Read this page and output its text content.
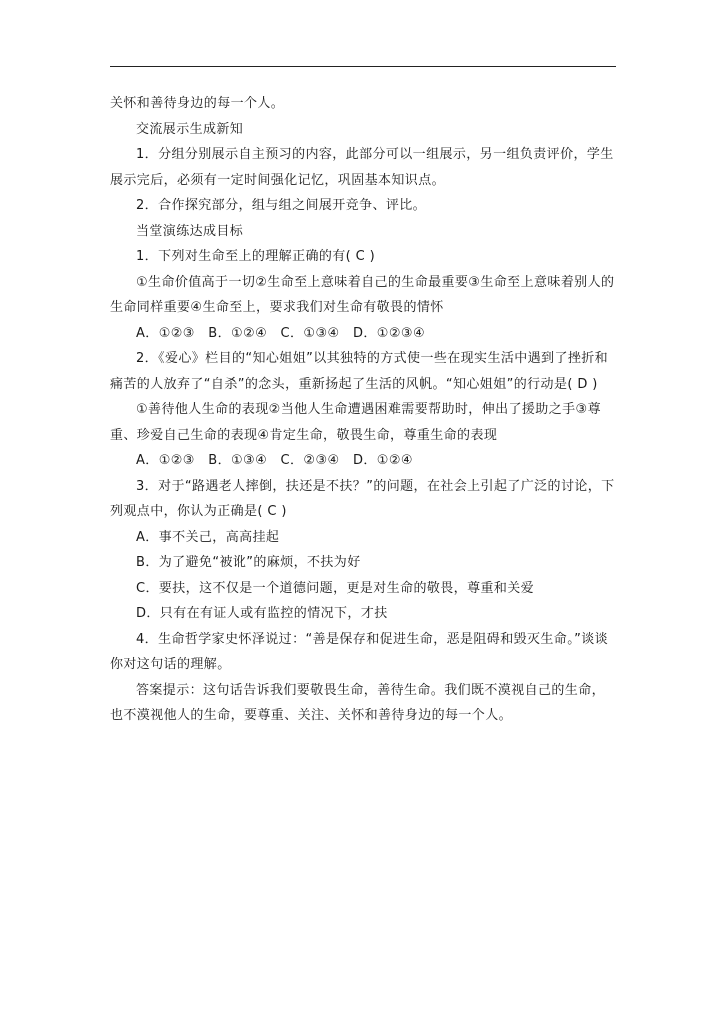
关怀和善待身边的每一个人。

交流展示生成新知

1．分组分别展示自主预习的内容，此部分可以一组展示，另一组负责评价，学生展示完后，必须有一定时间强化记忆，巩固基本知识点。

2．合作探究部分，组与组之间展开竞争、评比。

当堂演练达成目标

1．下列对生命至上的理解正确的有( C )

①生命价值高于一切②生命至上意味着自己的生命最重要③生命至上意味着别人的生命同样重要④生命至上，要求我们对生命有敬畏的情怀

A．①②③　B．①②④　C．①③④　D．①②③④

2．《爱心》栏目的“知心姐姐”以其独特的方式使一些在现实生活中遇到了挫折和痛苦的人放弃了“自杀”的念头，重新扬起了生活的风帆。“知心姐姐”的行动是( D )

①善待他人生命的表现②当他人生命遭遇困难需要帮助时，伸出了援助之手③尊重、珍爱自己生命的表现④肯定生命，敬畏生命，尊重生命的表现

A．①②③　B．①③④　C．②③④　D．①②④

3．对于“路遇老人摔倒，扶还是不扶？”的问题，在社会上引起了广泛的讨论，下列观点中，你认为正确是( C )

A．事不关己，高高挂起

B．为了避免“被讹”的麻烦，不扶为好

C．要扶，这不仅是一个道德问题，更是对生命的敬畏，尊重和关爱

D．只有在有证人或有监控的情况下，才扶

4．生命哲学家史怀泽说过：“善是保存和促进生命，恶是阻碍和毁灭生命。”谈谈你对这句话的理解。

答案提示：这句话告诉我们要敬畏生命，善待生命。我们既不漠视自己的生命，也不漠视他人的生命，要尊重、关注、关怀和善待身边的每一个人。
